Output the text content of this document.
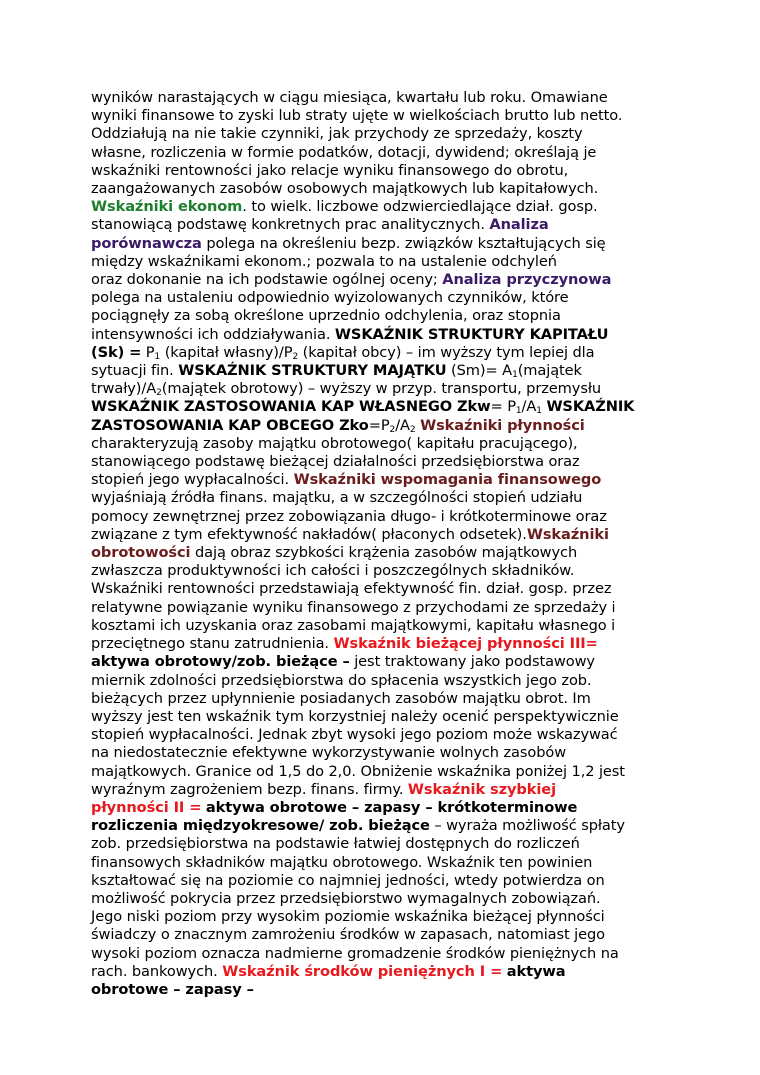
wyników narastających w ciągu miesiąca, kwartału lub roku. Omawiane
wyniki finansowe to zyski lub straty ujęte w wielkościach brutto lub netto.
Oddziałują na nie takie czynniki, jak przychody ze sprzedaży, koszty
własne, rozliczenia w formie podatków, dotacji, dywidend; określają je
wskaźniki rentowności jako relacje wyniku finansowego do obrotu,
zaangażowanych zasobów osobowych majątkowych lub kapitałowych.
Wskaźniki ekonom. to wielk. liczbowe odzwierciedlające dział. gosp.
stanowiącą podstawę konkretnych prac analitycznych. Analiza
porównawcza polega na określeniu bezp. związków kształtujących się
między wskaźnikami ekonom.; pozwala to na ustalenie odchyleń
oraz dokonanie na ich podstawie ogólnej oceny; Analiza przyczynowa
polega na ustaleniu odpowiednio wyizolowanych czynników, które
pociągnęły za sobą określone uprzednio odchylenia, oraz stopnia
intensywności ich oddziaływania. WSKAŹNIK STRUKTURY KAPITAŁU
$(Sk) = P_1$ (kapitał $własny)/P_2$ (kapitał obcy) – im wyższy tym lepiej dla
sytuacji fin. WSKAŹNIK STRUKTURY MAJĄTKU $(Sm)= A_1(majątek$
$trwały)/A_2(majątek$ obrotowy) – wyższy w przyp. transportu, przemysłu
WSKAŹNIK ZASTOSOWANIA KAP WŁASNEGO $Zkw= P_1/A_1$ WSKAŹNIK
ZASTOSOWANIA KAP OBCEGO $Zko=P_2/A_2$ Wskaźniki płynności
charakteryzują zasoby majątku obrotowego( kapitału pracującego),
stanowiącego podstawę bieżącej działalności przedsiębiorstwa oraz
stopień jego wypłacalności. Wskaźniki wspomagania finansowego
wyjaśniają źródła finans. majątku, a w szczególności stopień udziału
pomocy zewnętrznej przez zobowiązania długo- i krótkoterminowe oraz
związane z tym efektywność nakładów( płaconych odsetek).Wskaźniki
obrotowości dają obraz szybkości krążenia zasobów majątkowych
zwłaszcza produktywności ich całości i poszczególnych składników.
Wskaźniki rentowności przedstawiają efektywność fin. dział. gosp. przez
relatywne powiązanie wyniku finansowego z przychodami ze sprzedaży i
kosztami ich uzyskania oraz zasobami majątkowymi, kapitału własnego i
przeciętnego stanu zatrudnienia. Wskaźnik bieżącej płynności III=
aktywa obrotowy/zob. bieżące – jest traktowany jako podstawowy
miernik zdolności przedsiębiorstwa do spłacenia wszystkich jego zob.
bieżących przez upłynnienie posiadanych zasobów majątku obrot. Im
wyższy jest ten wskaźnik tym korzystniej należy ocenić perspektywicznie
stopień wypłacalności. Jednak zbyt wysoki jego poziom może wskazywać
na niedostatecznie efektywne wykorzystywanie wolnych zasobów
majątkowych. Granice od 1,5 do 2,0. Obniżenie wskaźnika poniżej 1,2 jest
wyraźnym zagrożeniem bezp. finans. firmy. Wskaźnik szybkiej
płynności II = aktywa obrotowe – zapasy – krótkoterminowe
rozliczenia międzyokresowe/ zob. bieżące – wyraża możliwość spłaty
zob. przedsiębiorstwa na podstawie łatwiej dostępnych do rozliczeń
finansowych składników majątku obrotowego. Wskaźnik ten powinien
kształtować się na poziomie co najmniej jedności, wtedy potwierdza on
możliwość pokrycia przez przedsiębiorstwo wymagalnych zobowiązań.
Jego niski poziom przy wysokim poziomie wskaźnika bieżącej płynności
świadczy o znacznym zamrożeniu środków w zapasach, natomiast jego
wysoki poziom oznacza nadmierne gromadzenie środków pieniężnych na
rach. bankowych. Wskaźnik środków pieniężnych I = aktywa
obrotowe – zapasy –
